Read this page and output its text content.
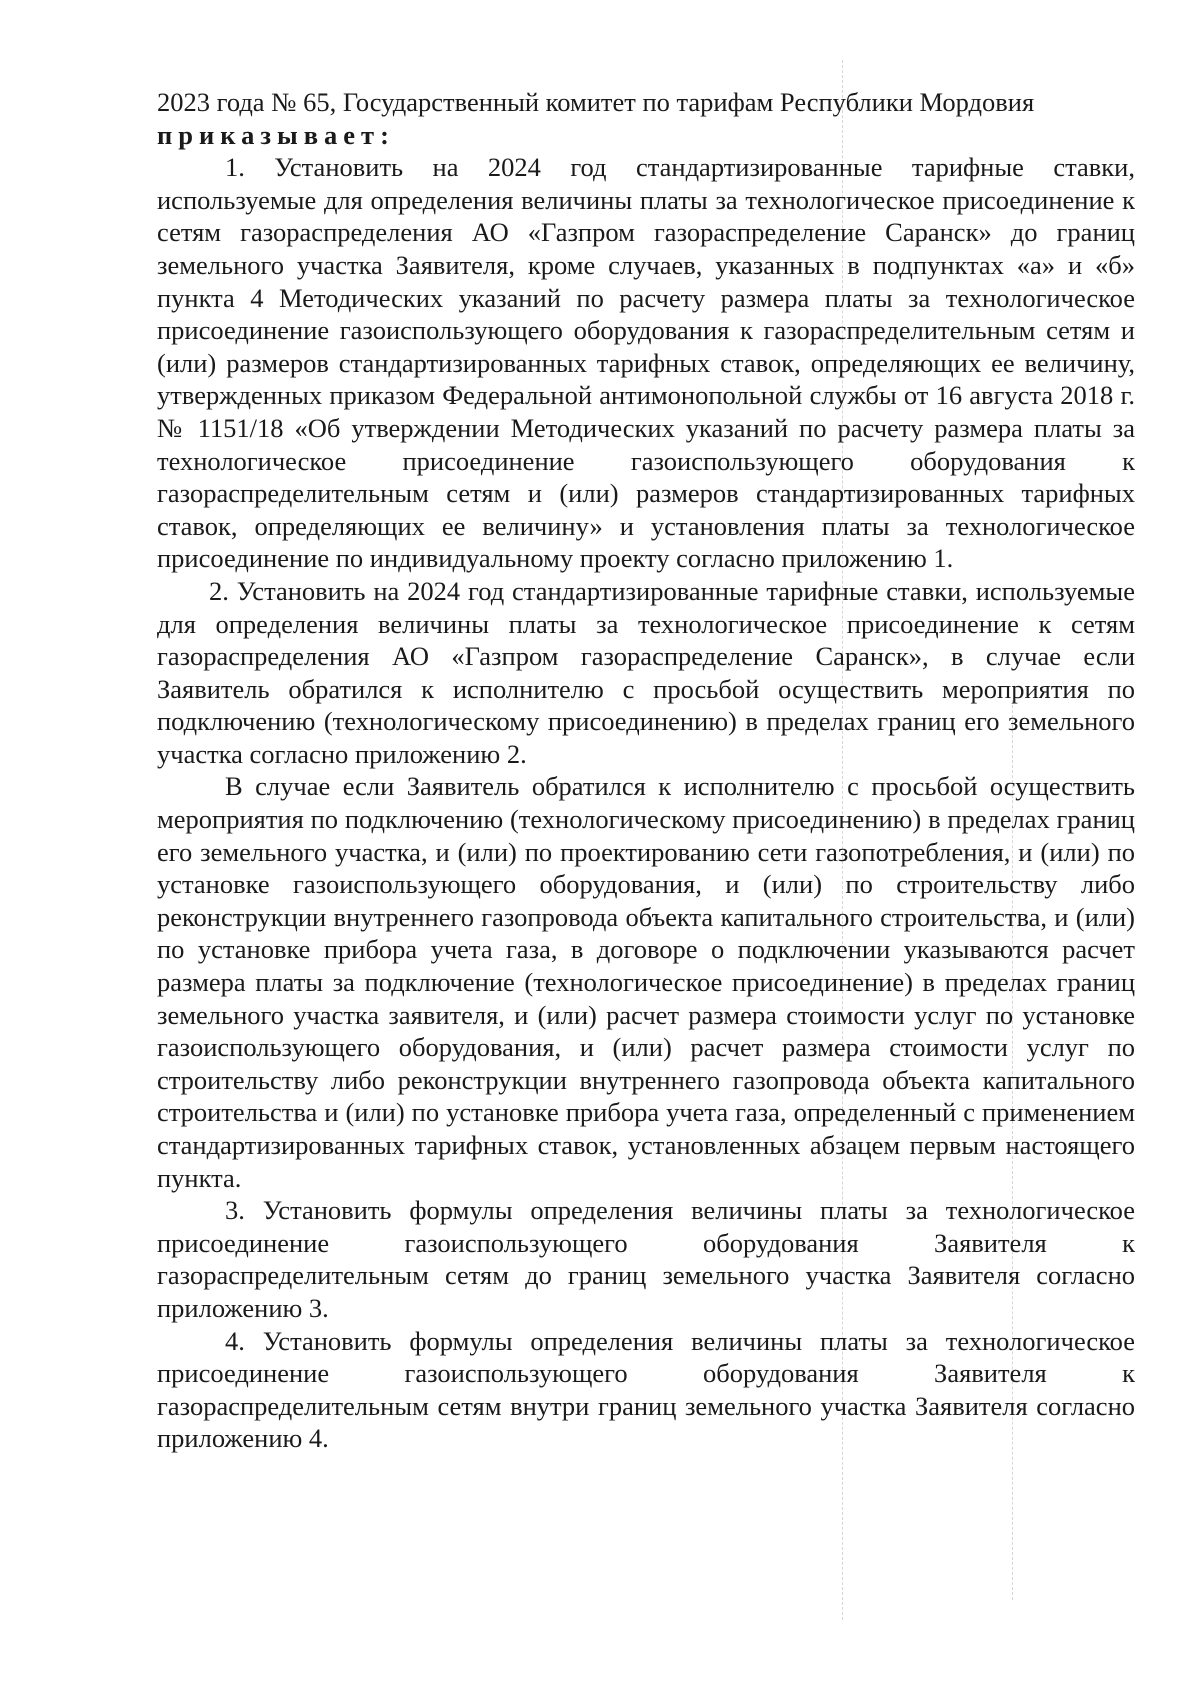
2023 года № 65, Государственный комитет по тарифам Республики Мордовия
приказывает:

1. Установить на 2024 год стандартизированные тарифные ставки, используемые для определения величины платы за технологическое присоединение к сетям газораспределения АО «Газпром газораспределение Саранск» до границ земельного участка Заявителя, кроме случаев, указанных в подпунктах «а» и «б» пункта 4 Методических указаний по расчету размера платы за технологическое присоединение газоиспользующего оборудования к газораспределительным сетям и (или) размеров стандартизированных тарифных ставок, определяющих ее величину, утвержденных приказом Федеральной антимонопольной службы от 16 августа 2018 г. № 1151/18 «Об утверждении Методических указаний по расчету размера платы за технологическое присоединение газоиспользующего оборудования к газораспределительным сетям и (или) размеров стандартизированных тарифных ставок, определяющих ее величину» и установления платы за технологическое присоединение по индивидуальному проекту согласно приложению 1.

2. Установить на 2024 год стандартизированные тарифные ставки, используемые для определения величины платы за технологическое присоединение к сетям газораспределения АО «Газпром газораспределение Саранск», в случае если Заявитель обратился к исполнителю с просьбой осуществить мероприятия по подключению (технологическому присоединению) в пределах границ его земельного участка согласно приложению 2.

В случае если Заявитель обратился к исполнителю с просьбой осуществить мероприятия по подключению (технологическому присоединению) в пределах границ его земельного участка, и (или) по проектированию сети газопотребления, и (или) по установке газоиспользующего оборудования, и (или) по строительству либо реконструкции внутреннего газопровода объекта капитального строительства, и (или) по установке прибора учета газа, в договоре о подключении указываются расчет размера платы за подключение (технологическое присоединение) в пределах границ земельного участка заявителя, и (или) расчет размера стоимости услуг по установке газоиспользующего оборудования, и (или) расчет размера стоимости услуг по строительству либо реконструкции внутреннего газопровода объекта капитального строительства и (или) по установке прибора учета газа, определенный с применением стандартизированных тарифных ставок, установленных абзацем первым настоящего пункта.

3. Установить формулы определения величины платы за технологическое присоединение газоиспользующего оборудования Заявителя к газораспределительным сетям до границ земельного участка Заявителя согласно приложению 3.

4. Установить формулы определения величины платы за технологическое присоединение газоиспользующего оборудования Заявителя к газораспределительным сетям внутри границ земельного участка Заявителя согласно приложению 4.
